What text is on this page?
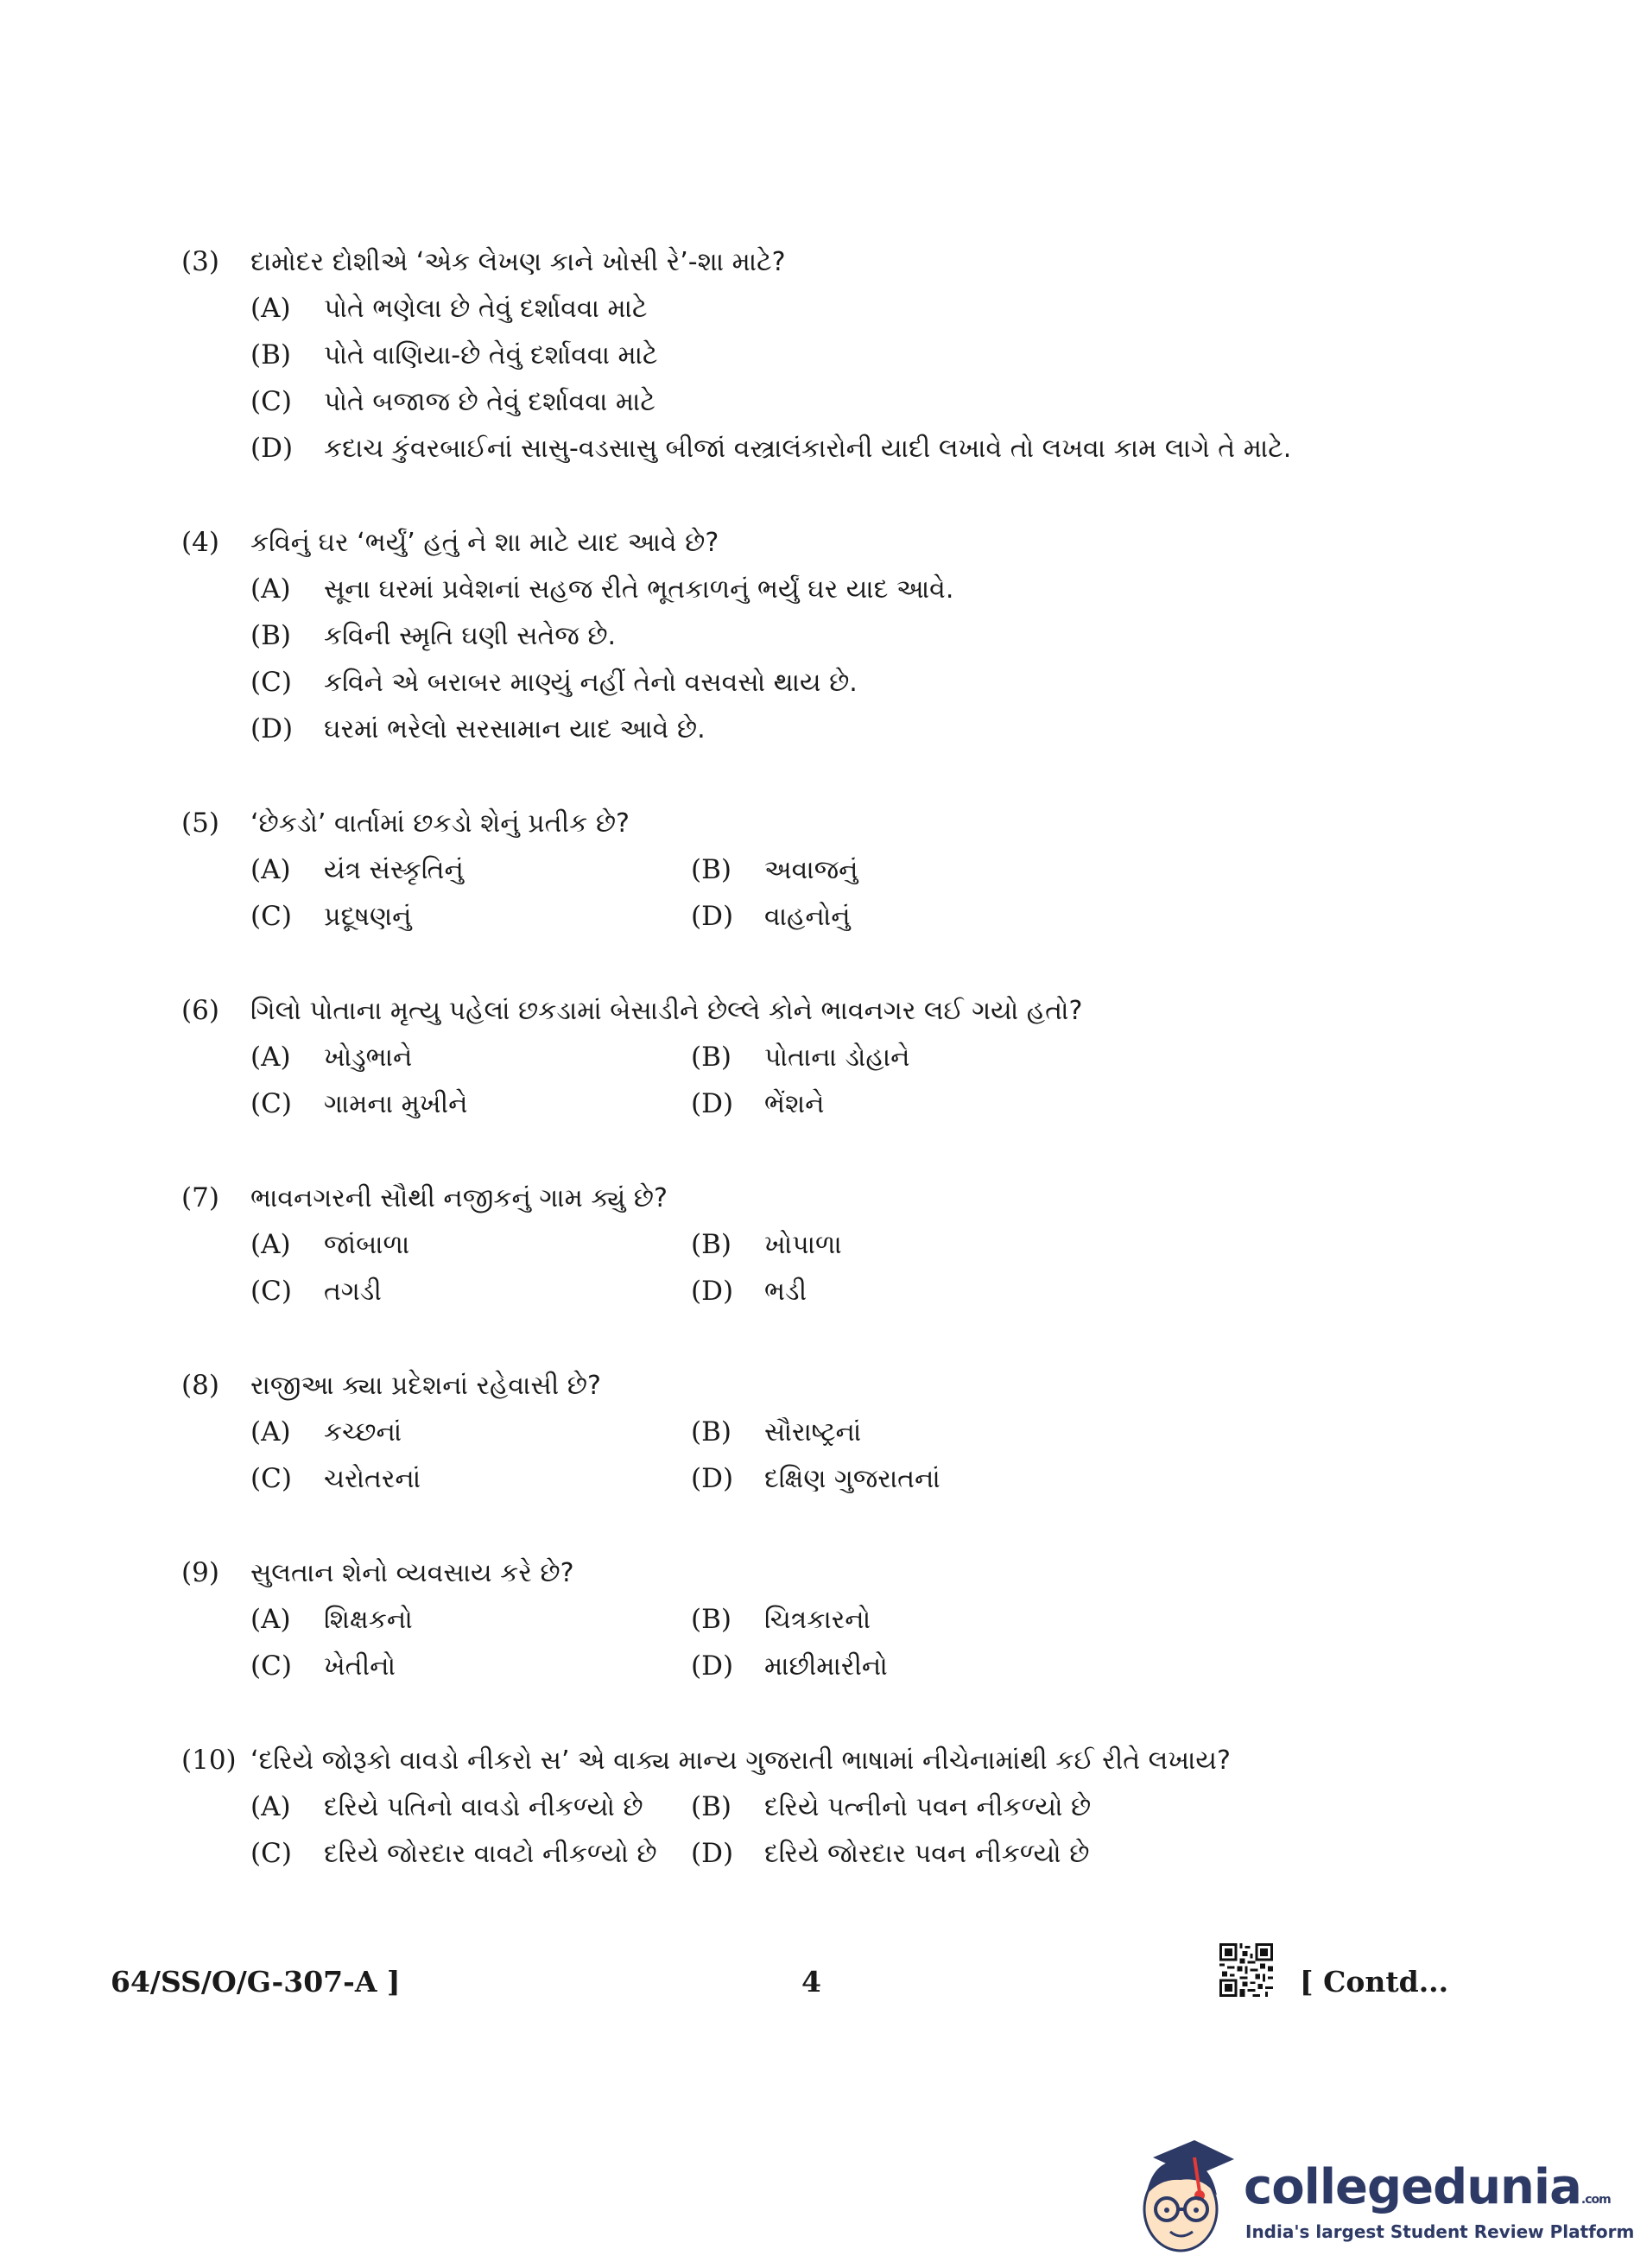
(3)	દામોદર દોશીએ ‘એક લેખણ કાને ખોસી રે’-શા માટે?
(A)	પોતે ભણેલા છે તેવું દર્શાવવા માટે
(B)	પોતે વાણિયા-છે તેવું દર્શાવવા માટે
(C)	પોતે બજાજ છે તેવું દર્શાવવા માટે
(D)	કદાચ કુંવરબાઈનાં સાસુ-વડસાસુ બીજાં વસ્ત્રાલંકારોની યાદી લખાવે તો લખવા કામ લાગે તે માટે.
(4)	કવિનું ઘર ‘ભર્યું’ હતું ને શા માટે યાદ આવે છે?
(A)	સૂના ઘરમાં પ્રવેશનાં સહજ રીતે ભૂતકાળનું ભર્યું ઘર યાદ આવે.
(B)	કવિની સ્મૃતિ ઘણી સતેજ છે.
(C)	કવિને એ બરાબર માણ્યું નહીં તેનો વસવસો થાય છે.
(D)	ઘરમાં ભરેલો સરસામાન યાદ આવે છે.
(5)	‘છેકડો’ વાર્તામાં છકડો શેનું પ્રતીક છે?
(A)	યંત્ર સંસ્કૃતિનું	(B)	અવાજનું
(C)	પ્રદૂષણનું	(D)	વાહનોનું
(6)	ગિલો પોતાના મૃત્યુ પહેલાં છકડામાં બેસાડીને છેલ્લે કોને ભાવનગર લઈ ગયો હતો?
(A)	ખોડુભાને	(B)	પોતાના ડોહાને
(C)	ગામના મુખીને	(D)	ભેંશને
(7)	ભાવનગરની સૌથી નજીકનું ગામ ક્યું છે?
(A)	જાંબાળા	(B)	ખોપાળા
(C)	તગડી	(D)	ભડી
(8)	રાજીઆ ક્યા પ્રદેશનાં રહેવાસી છે?
(A)	કચ્છનાં	(B)	સૌરાષ્ટ્રનાં
(C)	ચરોતરનાં	(D)	દક્ષિણ ગુજરાતનાં
(9)	સુલતાન શેનો વ્યવસાય કરે છે?
(A)	શિક્ષકનો	(B)	ચિત્રકારનો
(C)	ખેતીનો	(D)	માછીમારીનો
(10) ‘દરિયે જોરૂકો વાવડો નીકરો સ’ એ વાક્ય માન્ય ગુજરાતી ભાષામાં નીચેનામાંથી કઈ રીતે લખાય?
(A)	દરિયે પતિનો વાવડો નીકળ્યો છે (B)	દરિયે પત્નીનો પવન નીકળ્યો છે
(C)	દરિયે જોરદાર વાવટો નીકળ્યો છે (D)	દરિયે જોરદાર પવન નીકળ્યો છે
64/SS/O/G-307-A ]	4	[ Contd...
collegedunia.com
India's largest Student Review Platform
